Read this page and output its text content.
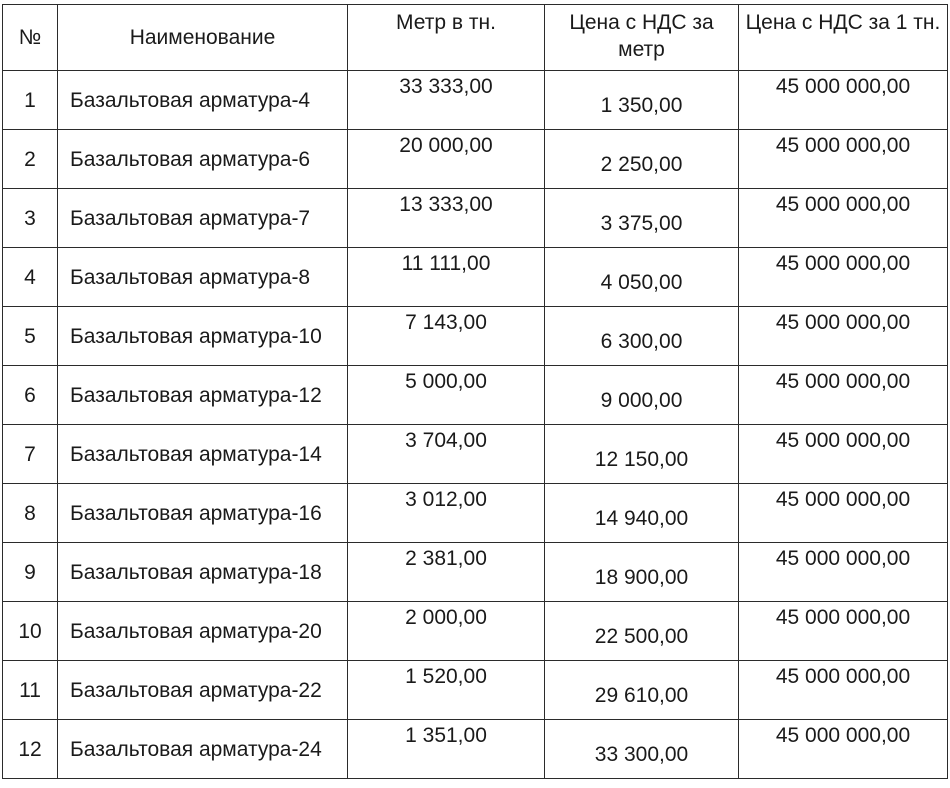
№	Наименование	Метр в тн.	Цена с НДС за метр	Цена с НДС за 1 тн.
1	Базальтовая арматура-4	33 333,00	1 350,00	45 000 000,00
2	Базальтовая арматура-6	20 000,00	2 250,00	45 000 000,00
3	Базальтовая арматура-7	13 333,00	3 375,00	45 000 000,00
4	Базальтовая арматура-8	11 111,00	4 050,00	45 000 000,00
5	Базальтовая арматура-10	7 143,00	6 300,00	45 000 000,00
6	Базальтовая арматура-12	5 000,00	9 000,00	45 000 000,00
7	Базальтовая арматура-14	3 704,00	12 150,00	45 000 000,00
8	Базальтовая арматура-16	3 012,00	14 940,00	45 000 000,00
9	Базальтовая арматура-18	2 381,00	18 900,00	45 000 000,00
10	Базальтовая арматура-20	2 000,00	22 500,00	45 000 000,00
11	Базальтовая арматура-22	1 520,00	29 610,00	45 000 000,00
12	Базальтовая арматура-24	1 351,00	33 300,00	45 000 000,00
